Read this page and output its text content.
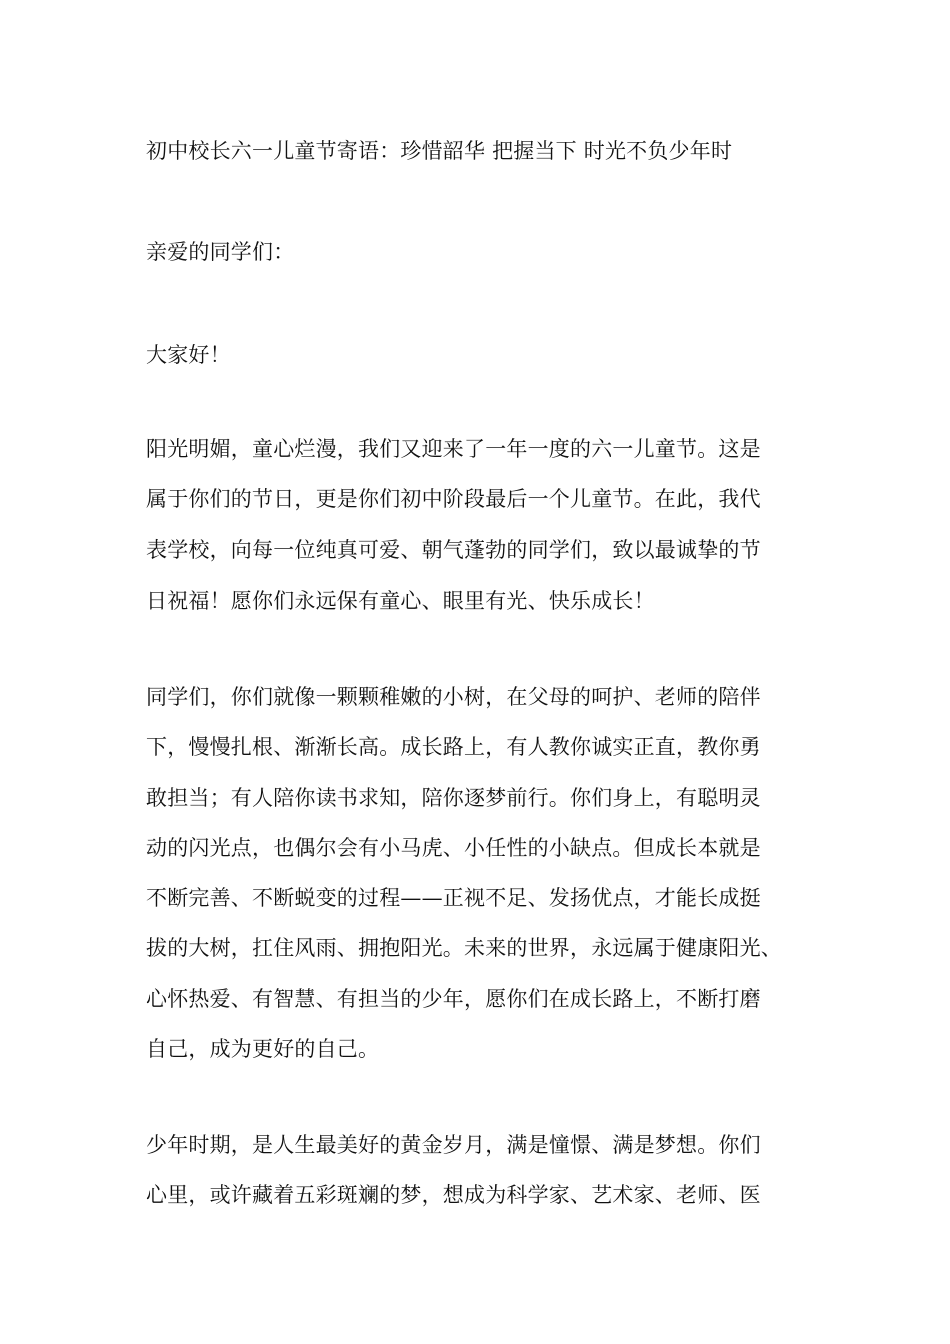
初中校长六一儿童节寄语：珍惜韶华 把握当下 时光不负少年时
亲爱的同学们：
大家好！
阳光明媚，童心烂漫，我们又迎来了一年一度的六一儿童节。这是
属于你们的节日，更是你们初中阶段最后一个儿童节。在此，我代
表学校，向每一位纯真可爱、朝气蓬勃的同学们，致以最诚挚的节
日祝福！愿你们永远保有童心、眼里有光、快乐成长！
同学们，你们就像一颗颗稚嫩的小树，在父母的呵护、老师的陪伴
下，慢慢扎根、渐渐长高。成长路上，有人教你诚实正直，教你勇
敢担当；有人陪你读书求知，陪你逐梦前行。你们身上，有聪明灵
动的闪光点，也偶尔会有小马虎、小任性的小缺点。但成长本就是
不断完善、不断蜕变的过程——正视不足、发扬优点，才能长成挺
拔的大树，扛住风雨、拥抱阳光。未来的世界，永远属于健康阳光、
心怀热爱、有智慧、有担当的少年，愿你们在成长路上，不断打磨
自己，成为更好的自己。
少年时期，是人生最美好的黄金岁月，满是憧憬、满是梦想。你们
心里，或许藏着五彩斑斓的梦，想成为科学家、艺术家、老师、医
